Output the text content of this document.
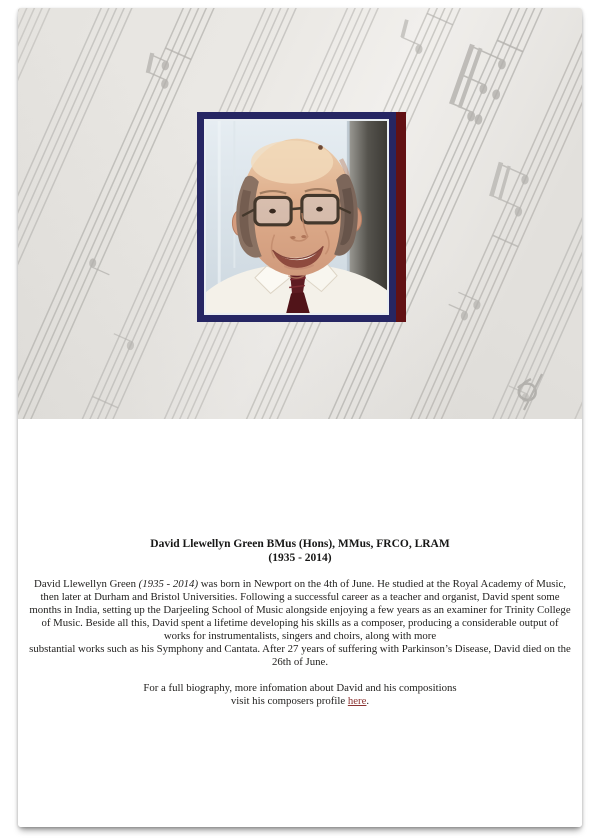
David Llewellyn Green BMus (Hons), MMus, FRCO, LRAM
(1935 - 2014)

David Llewellyn Green (1935 - 2014) was born in Newport on the 4th of June. He studied at the Royal Academy of Music, then later at Durham and Bristol Universities. Following a successful career as a teacher and organist, David spent some months in India, setting up the Darjeeling School of Music alongside enjoying a few years as an examiner for Trinity College of Music. Beside all this, David spent a lifetime developing his skills as a composer, producing a considerable output of works for instrumentalists, singers and choirs, along with more
substantial works such as his Symphony and Cantata. After 27 years of suffering with Parkinson’s Disease, David died on the 26th of June.

For a full biography, more infomation about David and his compositions
visit his composers profile here.
